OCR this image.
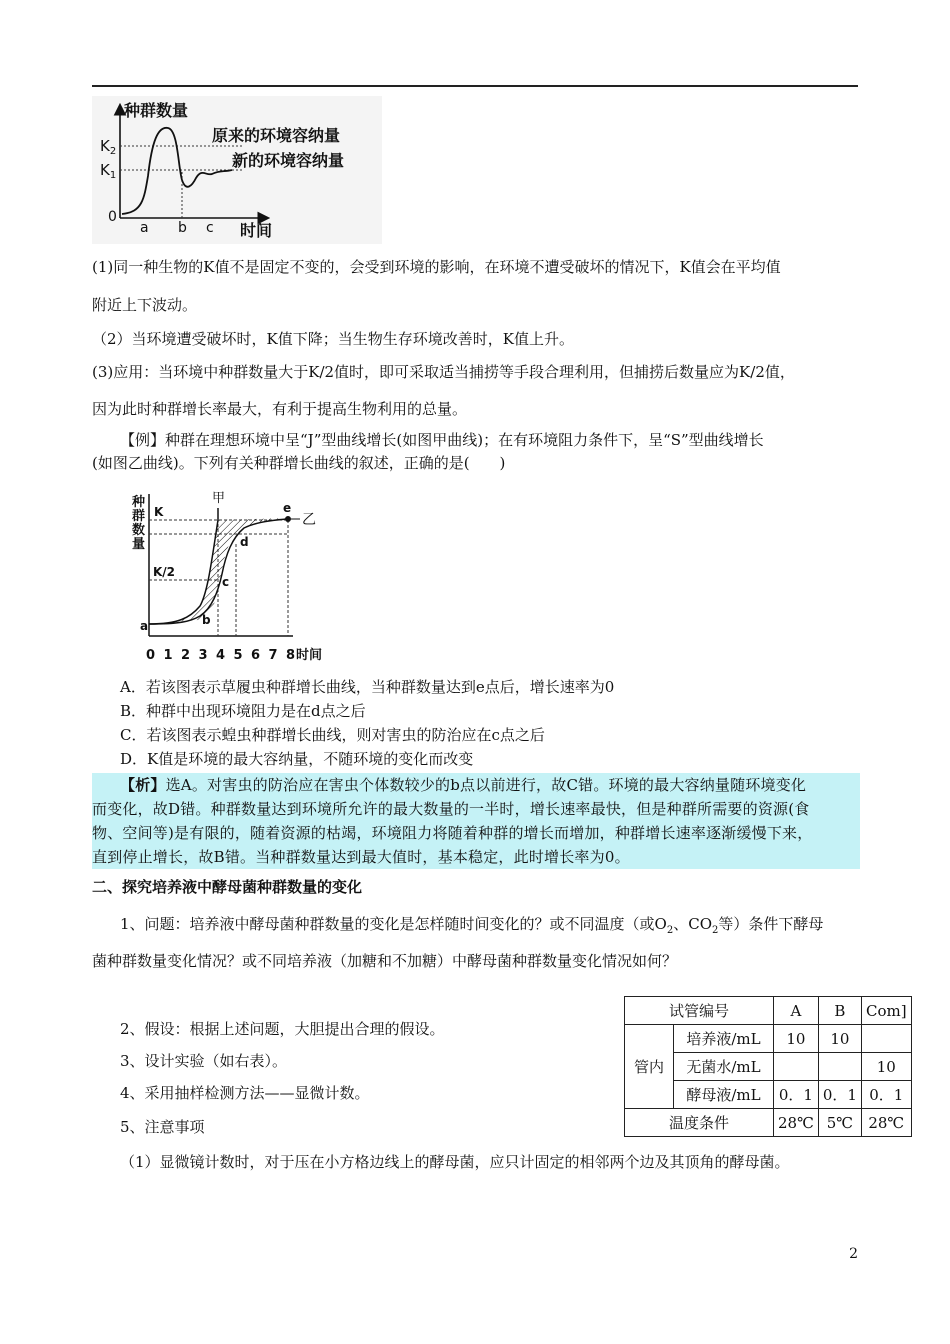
种群数量
$K_2$
$K_1$
0
a b c 时间
原来的环境容纳量
新的环境容纳量
(1)同一种生物的K值不是固定不变的，会受到环境的影响，在环境不遭受破坏的情况下，K值会在平均值
附近上下波动。
（2）当环境遭受破坏时，K值下降；当生物生存环境改善时，K值上升。
(3)应用：当环境中种群数量大于K/2值时，即可采取适当捕捞等手段合理利用，但捕捞后数量应为K/2值，
因为此时种群增长率最大，有利于提高生物利用的总量。
【例】种群在理想环境中呈“J”型曲线增长(如图甲曲线)；在有环境阻力条件下，呈“S”型曲线增长
(如图乙曲线)。下列有关种群增长曲线的叙述，正确的是(　　)
种
群
数
量
K
K/2
甲
乙
a	b
c
d
e
0 1 2 3 4 5 6 7 8 时间
A．若该图表示草履虫种群增长曲线，当种群数量达到e点后，增长速率为0
B．种群中出现环境阻力是在d点之后
C．若该图表示蝗虫种群增长曲线，则对害虫的防治应在c点之后
D．K值是环境的最大容纳量，不随环境的变化而改变
【析】选A。对害虫的防治应在害虫个体数较少的b点以前进行，故C错。环境的最大容纳量随环境变化
而变化，故D错。种群数量达到环境所允许的最大数量的一半时，增长速率最快，但是种群所需要的资源(食
物、空间等)是有限的，随着资源的枯竭，环境阻力将随着种群的增长而增加，种群增长速率逐渐缓慢下来，
直到停止增长，故B错。当种群数量达到最大值时，基本稳定，此时增长率为0。
二、探究培养液中酵母菌种群数量的变化
1、问题：培养液中酵母菌种群数量的变化是怎样随时间变化的？或不同温度（或$O_2$、$CO_2$等）条件下酵母
菌种群数量变化情况？或不同培养液（加糖和不加糖）中酵母菌种群数量变化情况如何？
2、假设：根据上述问题，大胆提出合理的假设。
3、设计实验（如右表）。
4、采用抽样检测方法——显微计数。
5、注意事项
（1）显微镜计数时，对于压在小方格边线上的酵母菌，应只计固定的相邻两个边及其顶角的酵母菌。
试管编号		A	B	Com]
管内	培养液/mL	10	10	
	无菌水/mL			10
	酵母液/mL	0．1	0．1	0．1
温度条件		28℃	5℃	28℃
2
